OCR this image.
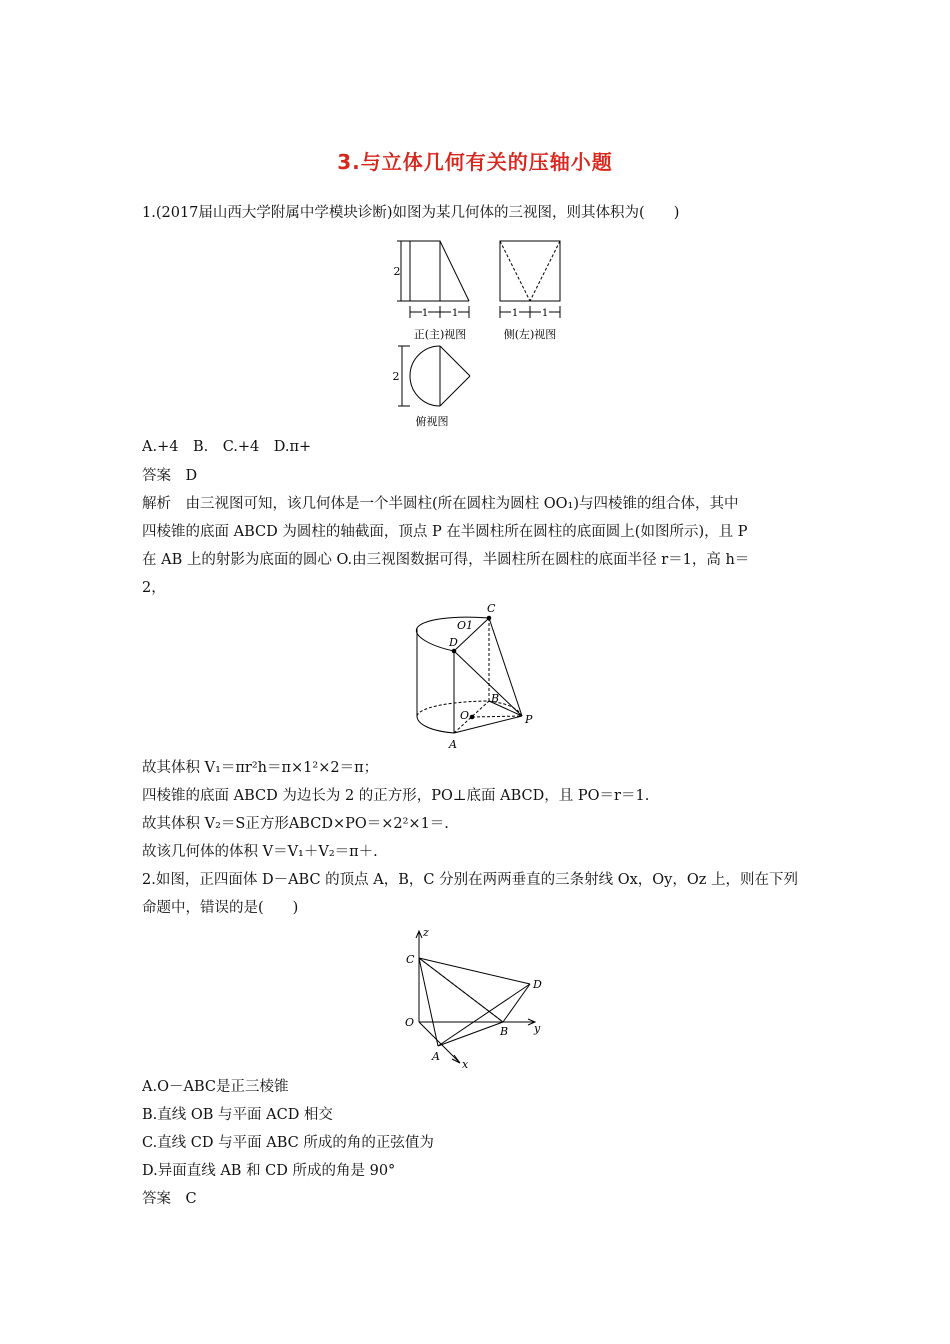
3.与立体几何有关的压轴小题
1.(2017届山西大学附属中学模块诊断)如图为某几何体的三视图，则其体积为(　　)
2
1 1
正(主)视图
1 1
侧(左)视图
2
俯视图
A.+4　B.　C.+4　D.π+
答案　D
解析　由三视图可知，该几何体是一个半圆柱(所在圆柱为圆柱 OO₁)与四棱锥的组合体，其中
四棱锥的底面 ABCD 为圆柱的轴截面，顶点 P 在半圆柱所在圆柱的底面圆上(如图所示)，且 P
在 AB 上的射影为底面的圆心 O.由三视图数据可得，半圆柱所在圆柱的底面半径 r＝1，高 h＝
2，
C
O1
D
B
O	P
A
故其体积 V₁＝πr²h＝π×1²×2＝π；
四棱锥的底面 ABCD 为边长为 2 的正方形，PO⊥底面 ABCD，且 PO＝r＝1.
故其体积 V₂＝S正方形ABCD×PO＝×2²×1＝.
故该几何体的体积 V＝V₁＋V₂＝π＋.
2.如图，正四面体 D－ABC 的顶点 A，B，C 分别在两两垂直的三条射线 Ox，Oy，Oz 上，则在下列
命题中，错误的是(　　)
z
C
D
O
B y
A
x
A.O－ABC是正三棱锥
B.直线 OB 与平面 ACD 相交
C.直线 CD 与平面 ABC 所成的角的正弦值为
D.异面直线 AB 和 CD 所成的角是 90°
答案　C
